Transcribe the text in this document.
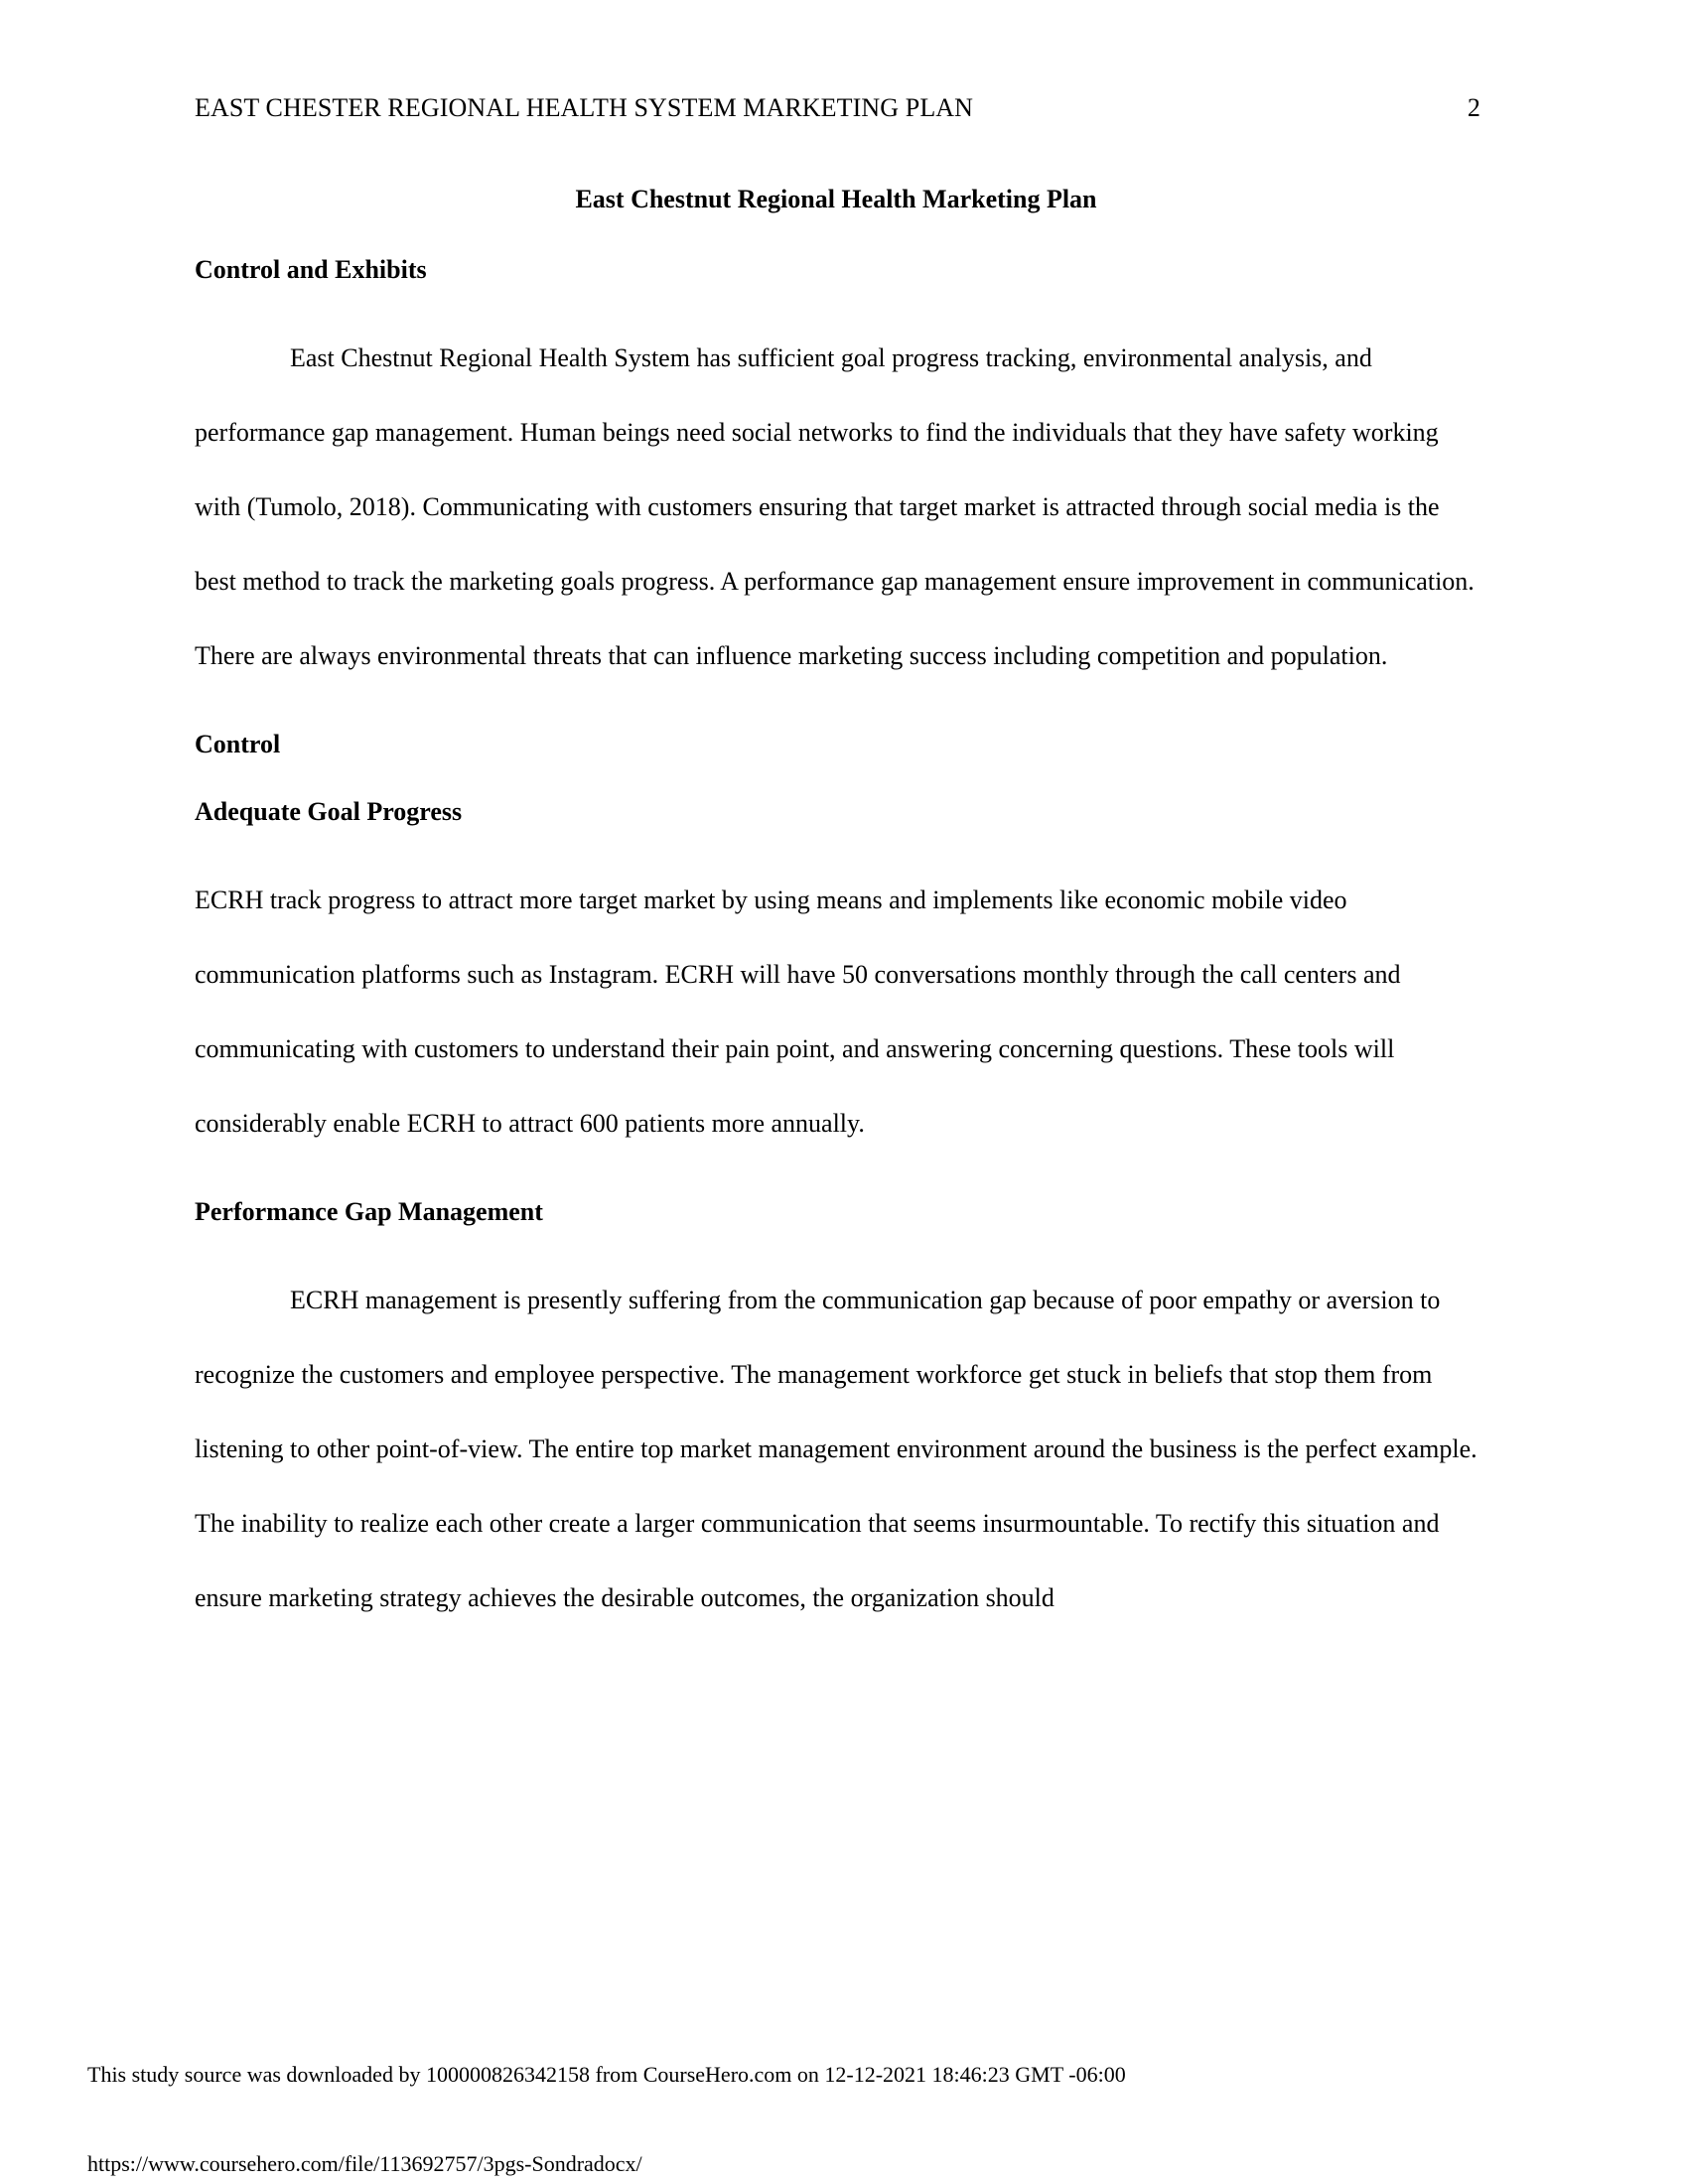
EAST CHESTER REGIONAL HEALTH SYSTEM MARKETING PLAN	2
East Chestnut Regional Health Marketing Plan
Control and Exhibits

East Chestnut Regional Health System has sufficient goal progress tracking, environmental analysis, and performance gap management. Human beings need social networks to find the individuals that they have safety working with (Tumolo, 2018). Communicating with customers ensuring that target market is attracted through social media is the best method to track the marketing goals progress. A performance gap management ensure improvement in communication. There are always environmental threats that can influence marketing success including competition and population.

Control
Adequate Goal Progress

ECRH track progress to attract more target market by using means and implements like economic mobile video communication platforms such as Instagram. ECRH will have 50 conversations monthly through the call centers and communicating with customers to understand their pain point, and answering concerning questions. These tools will considerably enable ECRH to attract 600 patients more annually.

Performance Gap Management

ECRH management is presently suffering from the communication gap because of poor empathy or aversion to recognize the customers and employee perspective. The management workforce get stuck in beliefs that stop them from listening to other point-of-view. The entire top market management environment around the business is the perfect example. The inability to realize each other create a larger communication that seems insurmountable. To rectify this situation and ensure marketing strategy achieves the desirable outcomes, the organization should

This study source was downloaded by 100000826342158 from CourseHero.com on 12-12-2021 18:46:23 GMT -06:00
https://www.coursehero.com/file/113692757/3pgs-Sondradocx/
